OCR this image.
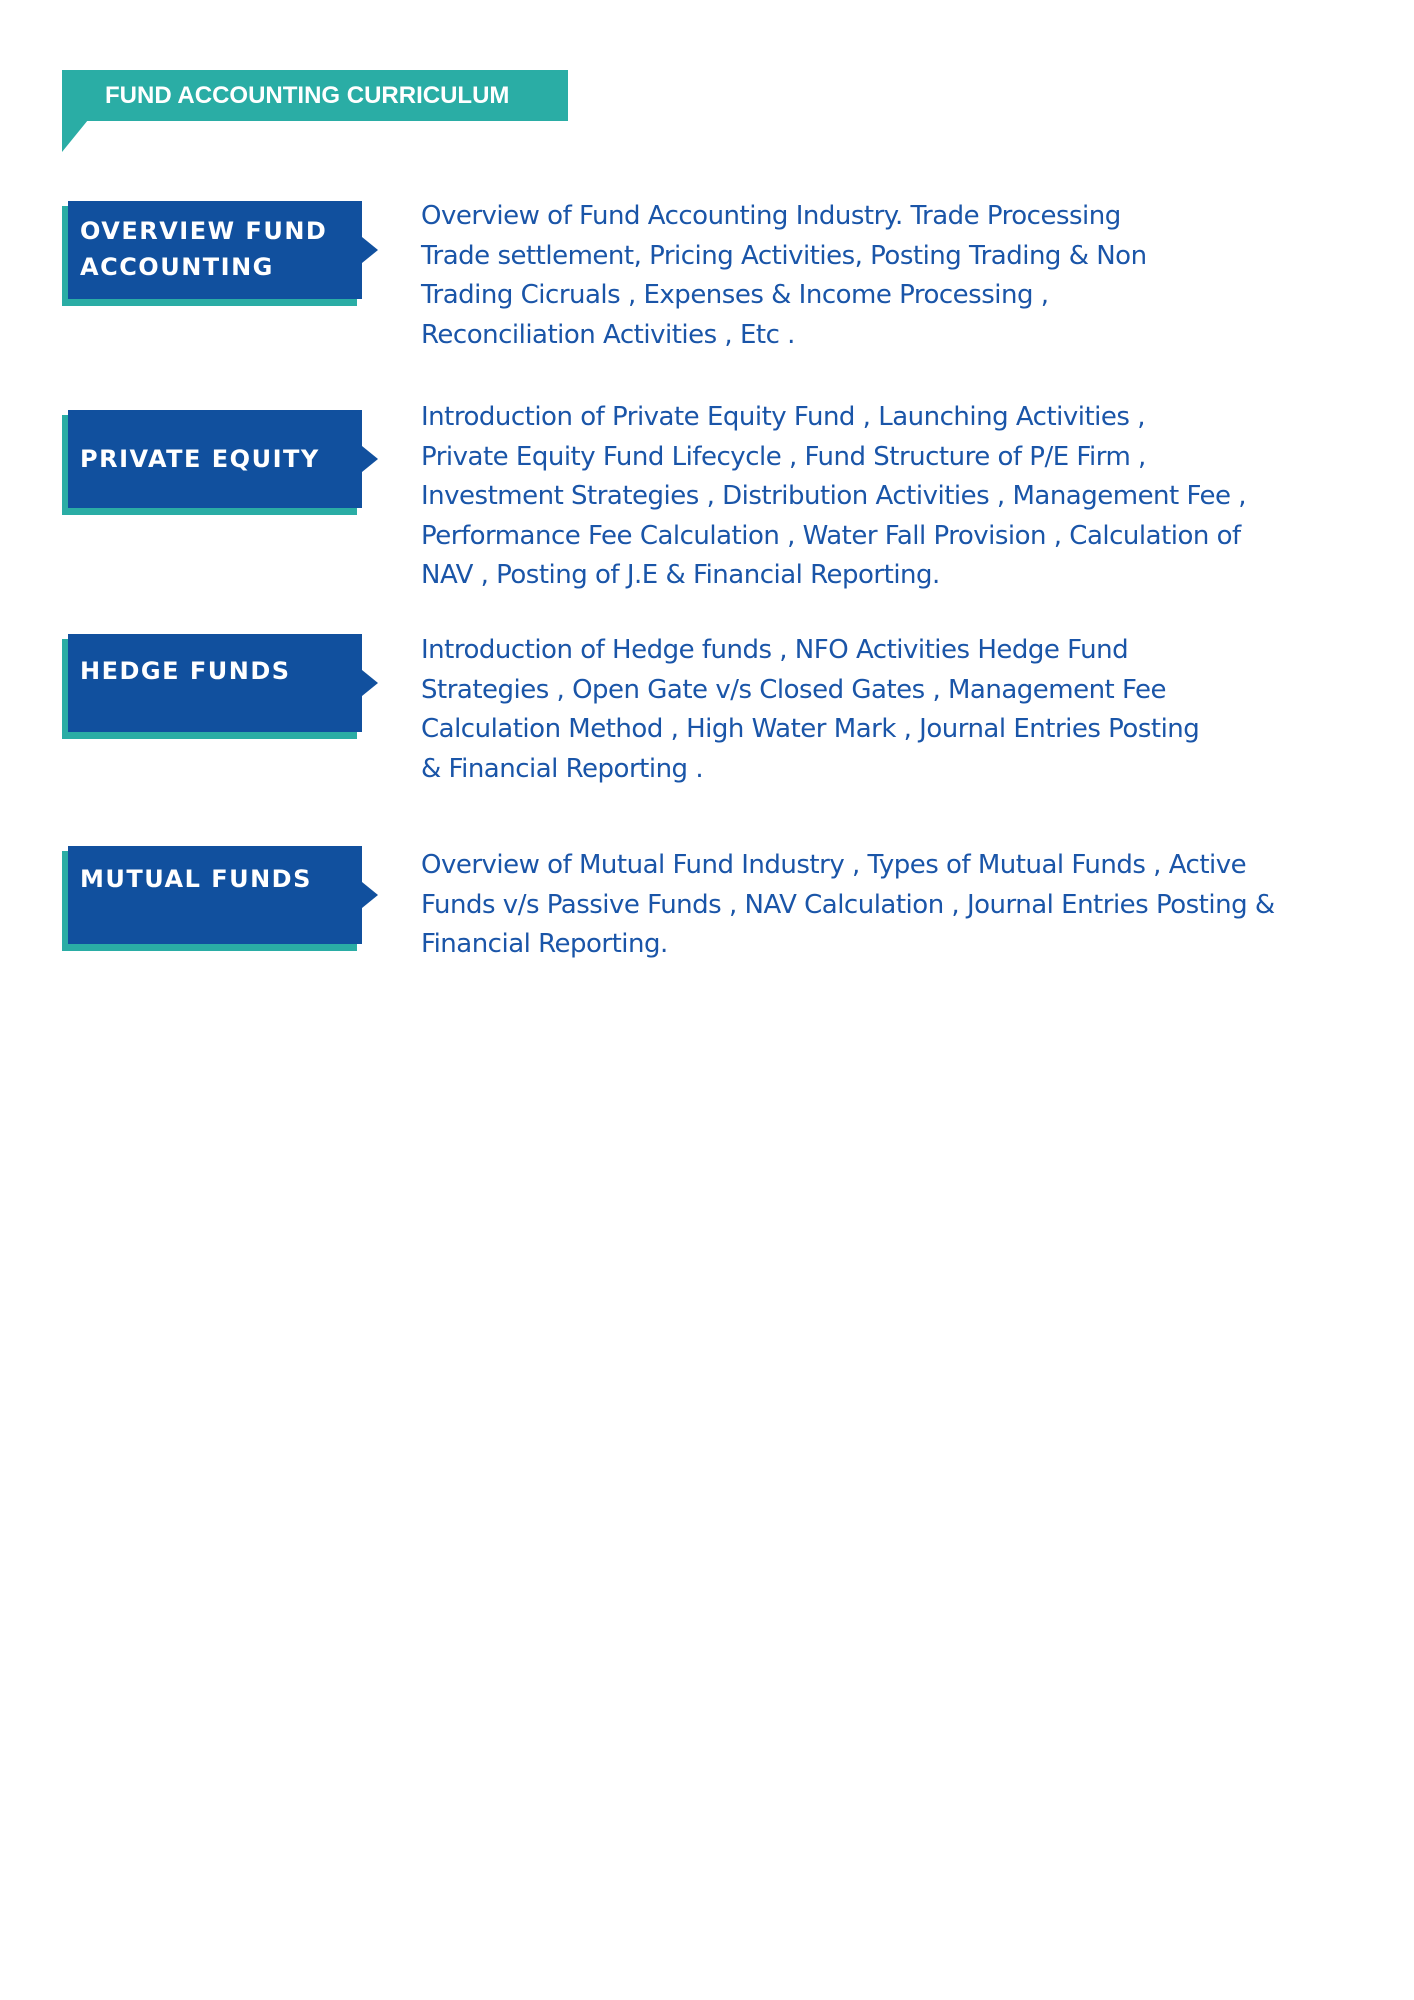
FUND ACCOUNTING CURRICULUM
OVERVIEW FUND
ACCOUNTING
Overview of Fund Accounting Industry. Trade Processing
Trade settlement, Pricing Activities, Posting Trading & Non
Trading Cicruals , Expenses & Income Processing ,
Reconciliation Activities , Etc .
PRIVATE EQUITY
Introduction of Private Equity Fund , Launching Activities ,
Private Equity Fund Lifecycle , Fund Structure of P/E Firm ,
Investment Strategies , Distribution Activities , Management Fee ,
Performance Fee Calculation , Water Fall Provision , Calculation of
NAV , Posting of J.E & Financial Reporting.
HEDGE FUNDS
Introduction of Hedge funds , NFO Activities Hedge Fund
Strategies , Open Gate v/s Closed Gates , Management Fee
Calculation Method , High Water Mark , Journal Entries Posting
& Financial Reporting .
MUTUAL FUNDS	Overview of Mutual Fund Industry , Types of Mutual Funds , Active
Funds v/s Passive Funds , NAV Calculation , Journal Entries Posting &
Financial Reporting.
